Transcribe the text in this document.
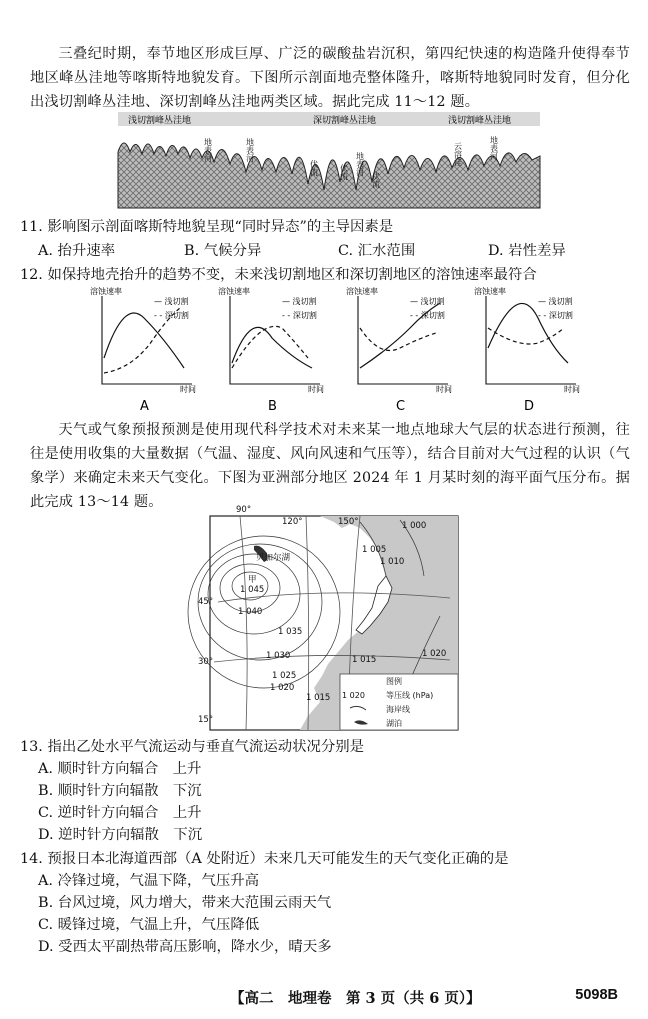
三叠纪时期，奉节地区形成巨厚、广泛的碳酸盐岩沉积，第四纪快速的构造隆升使得奉节地区峰丛洼地等喀斯特地貌发育。下图所示剖面地壳整体隆升，喀斯特地貌同时发育，但分化出浅切割峰丛洼地、深切割峰丛洼地两类区域。据此完成 11～12 题。
浅切割峰丛洼地	深切割峰丛洼地	浅切割峰丛洼地
地表河	地表河
伏流	伏流 地表河
伏流
云溶洼	地表河
11. 影响图示剖面喀斯特地貌呈现“同时异态”的主导因素是
A. 抬升速率	B. 气候分异	C. 汇水范围	D. 岩性差异
12. 如保持地壳抬升的趋势不变，未来浅切割地区和深切割地区的溶蚀速率最符合
溶蚀速率
时间
— 浅切割
- - 深切割
A
溶蚀速率
时间
— 浅切割
- - 深切割
B
溶蚀速率
时间
— 浅切割
- - 深切割
C
溶蚀速率
时间
— 浅切割
- - 深切割
D
天气或气象预报预测是使用现代科学技术对未来某一地点地球大气层的状态进行预测，往往是使用收集的大量数据（气温、湿度、风向风速和气压等），结合目前对大气过程的认识（气象学）来确定未来天气变化。下图为亚洲部分地区 2024 年 1 月某时刻的海平面气压分布。据此完成 13～14 题。	90°
120°	150°
45°
30°
15°
贝加尔湖
甲
1 000
1 005
1 010
1 045
1 040
1 035
1 030
1 025
1 020
1 015
1 015
1 020
图例
1 020	等压线 (hPa)
海岸线
湖泊
13. 指出乙处水平气流运动与垂直气流运动状况分别是
A. 顺时针方向辐合　上升
B. 顺时针方向辐散　下沉
C. 逆时针方向辐合　上升
D. 逆时针方向辐散　下沉
14. 预报日本北海道西部（A 处附近）未来几天可能发生的天气变化正确的是
A. 冷锋过境，气温下降，气压升高
B. 台风过境，风力增大，带来大范围云雨天气
C. 暖锋过境，气温上升，气压降低
D. 受西太平副热带高压影响，降水少，晴天多
【高二　地理卷　第 3 页（共 6 页）】	5098B
